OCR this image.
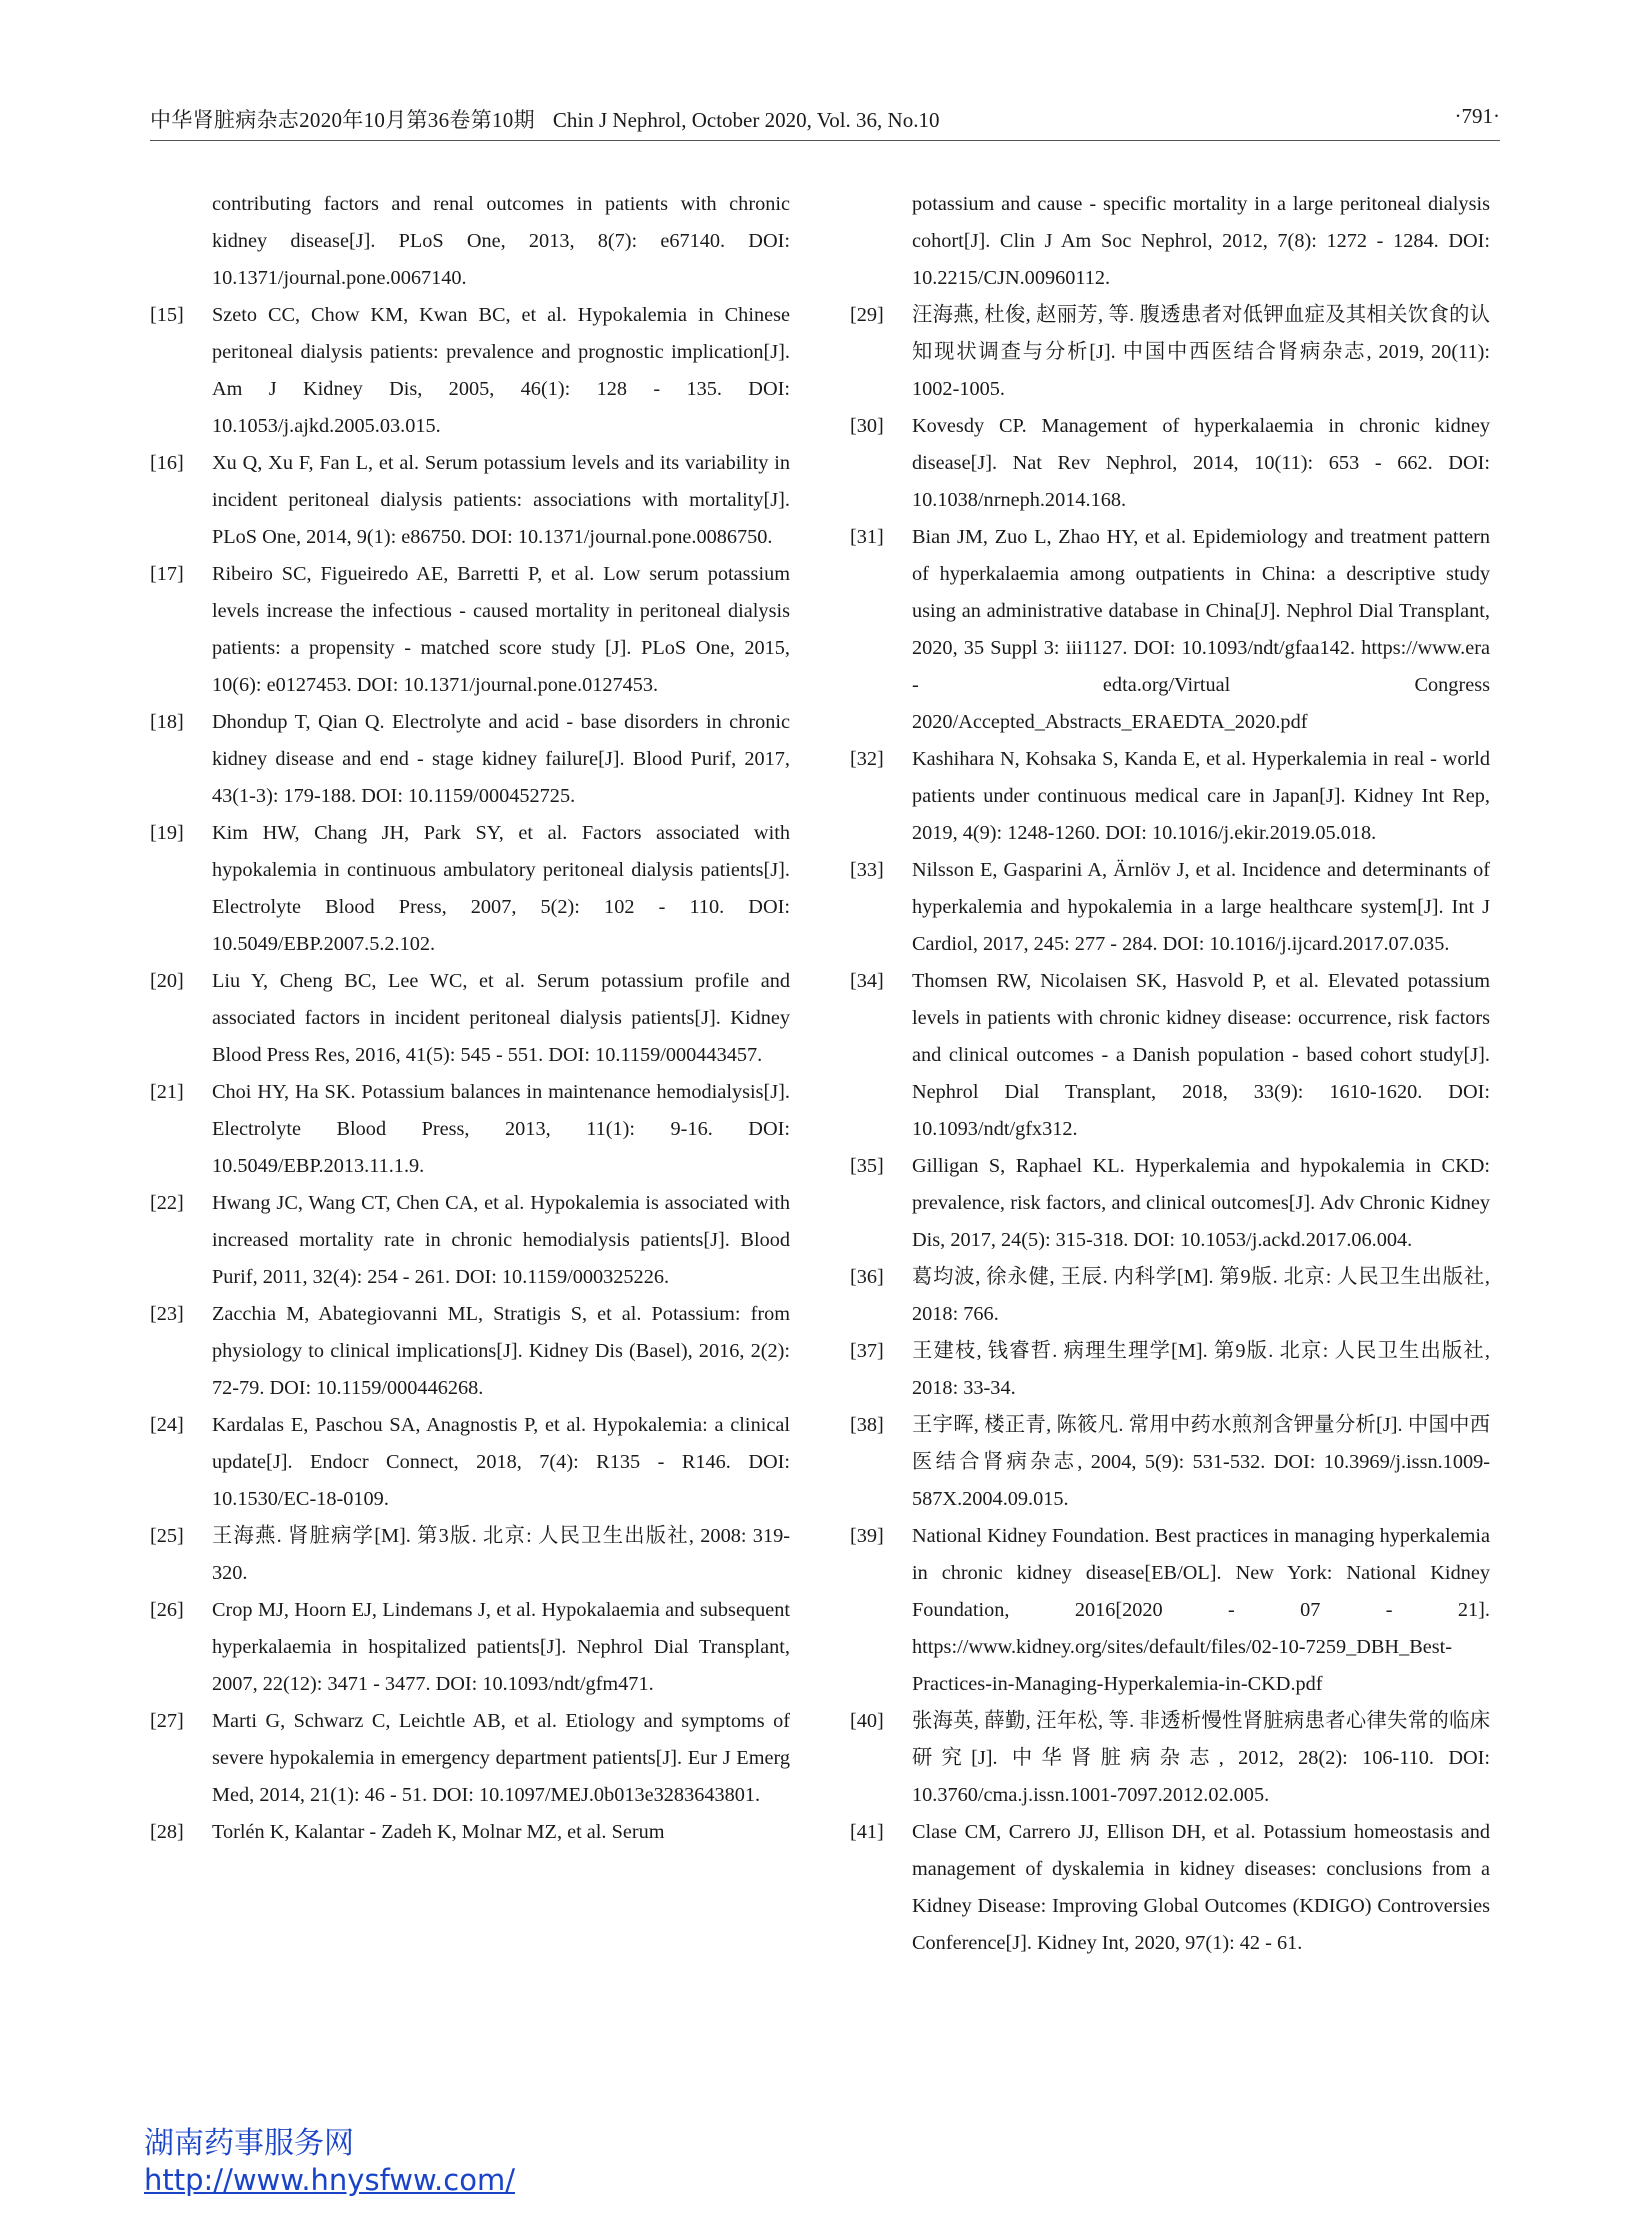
中华肾脏病杂志2020年10月第36卷第10期 Chin J Nephrol, October 2020, Vol. 36, No.10	·791·
contributing factors and renal outcomes in patients with chronic kidney disease[J]. PLoS One, 2013, 8(7): e67140. DOI: 10.1371/journal.pone.0067140.
[15] Szeto CC, Chow KM, Kwan BC, et al. Hypokalemia in Chinese peritoneal dialysis patients: prevalence and prognostic implication[J]. Am J Kidney Dis, 2005, 46(1): 128 - 135. DOI: 10.1053/j.ajkd.2005.03.015.
[16] Xu Q, Xu F, Fan L, et al. Serum potassium levels and its variability in incident peritoneal dialysis patients: associations with mortality[J]. PLoS One, 2014, 9(1): e86750. DOI: 10.1371/journal.pone.0086750.
[17] Ribeiro SC, Figueiredo AE, Barretti P, et al. Low serum potassium levels increase the infectious - caused mortality in peritoneal dialysis patients: a propensity - matched score study [J]. PLoS One, 2015, 10(6): e0127453. DOI: 10.1371/journal.pone.0127453.
[18] Dhondup T, Qian Q. Electrolyte and acid - base disorders in chronic kidney disease and end - stage kidney failure[J]. Blood Purif, 2017, 43(1-3): 179-188. DOI: 10.1159/000452725.
[19] Kim HW, Chang JH, Park SY, et al. Factors associated with hypokalemia in continuous ambulatory peritoneal dialysis patients[J]. Electrolyte Blood Press, 2007, 5(2): 102 - 110. DOI: 10.5049/EBP.2007.5.2.102.
[20] Liu Y, Cheng BC, Lee WC, et al. Serum potassium profile and associated factors in incident peritoneal dialysis patients[J]. Kidney Blood Press Res, 2016, 41(5): 545 - 551. DOI: 10.1159/000443457.
[21] Choi HY, Ha SK. Potassium balances in maintenance hemodialysis[J]. Electrolyte Blood Press, 2013, 11(1): 9-16. DOI: 10.5049/EBP.2013.11.1.9.
[22] Hwang JC, Wang CT, Chen CA, et al. Hypokalemia is associated with increased mortality rate in chronic hemodialysis patients[J]. Blood Purif, 2011, 32(4): 254 - 261. DOI: 10.1159/000325226.
[23] Zacchia M, Abategiovanni ML, Stratigis S, et al. Potassium: from physiology to clinical implications[J]. Kidney Dis (Basel), 2016, 2(2): 72-79. DOI: 10.1159/000446268.
[24] Kardalas E, Paschou SA, Anagnostis P, et al. Hypokalemia: a clinical update[J]. Endocr Connect, 2018, 7(4): R135 - R146. DOI: 10.1530/EC-18-0109.
[25] 王海燕. 肾脏病学[M]. 第3版. 北京: 人民卫生出版社, 2008: 319-320.
[26] Crop MJ, Hoorn EJ, Lindemans J, et al. Hypokalaemia and subsequent hyperkalaemia in hospitalized patients[J]. Nephrol Dial Transplant, 2007, 22(12): 3471 - 3477. DOI: 10.1093/ndt/gfm471.
[27] Marti G, Schwarz C, Leichtle AB, et al. Etiology and symptoms of severe hypokalemia in emergency department patients[J]. Eur J Emerg Med, 2014, 21(1): 46 - 51. DOI: 10.1097/MEJ.0b013e3283643801.
[28] Torlén K, Kalantar - Zadeh K, Molnar MZ, et al. Serum
potassium and cause - specific mortality in a large peritoneal dialysis cohort[J]. Clin J Am Soc Nephrol, 2012, 7(8): 1272 - 1284. DOI: 10.2215/CJN.00960112.
[29] 汪海燕, 杜俊, 赵丽芳, 等. 腹透患者对低钾血症及其相关饮食的认知现状调查与分析[J]. 中国中西医结合肾病杂志, 2019, 20(11): 1002-1005.
[30] Kovesdy CP. Management of hyperkalaemia in chronic kidney disease[J]. Nat Rev Nephrol, 2014, 10(11): 653 - 662. DOI: 10.1038/nrneph.2014.168.
[31] Bian JM, Zuo L, Zhao HY, et al. Epidemiology and treatment pattern of hyperkalaemia among outpatients in China: a descriptive study using an administrative database in China[J]. Nephrol Dial Transplant, 2020, 35 Suppl 3: iii1127. DOI: 10.1093/ndt/gfaa142. https://www.era - edta.org/Virtual Congress 2020/Accepted_Abstracts_ERAEDTA_2020.pdf
[32] Kashihara N, Kohsaka S, Kanda E, et al. Hyperkalemia in real - world patients under continuous medical care in Japan[J]. Kidney Int Rep, 2019, 4(9): 1248-1260. DOI: 10.1016/j.ekir.2019.05.018.
[33] Nilsson E, Gasparini A, Ärnlöv J, et al. Incidence and determinants of hyperkalemia and hypokalemia in a large healthcare system[J]. Int J Cardiol, 2017, 245: 277 - 284. DOI: 10.1016/j.ijcard.2017.07.035.
[34] Thomsen RW, Nicolaisen SK, Hasvold P, et al. Elevated potassium levels in patients with chronic kidney disease: occurrence, risk factors and clinical outcomes - a Danish population - based cohort study[J]. Nephrol Dial Transplant, 2018, 33(9): 1610-1620. DOI: 10.1093/ndt/gfx312.
[35] Gilligan S, Raphael KL. Hyperkalemia and hypokalemia in CKD: prevalence, risk factors, and clinical outcomes[J]. Adv Chronic Kidney Dis, 2017, 24(5): 315-318. DOI: 10.1053/j.ackd.2017.06.004.
[36] 葛均波, 徐永健, 王辰. 内科学[M]. 第9版. 北京: 人民卫生出版社, 2018: 766.
[37] 王建枝, 钱睿哲. 病理生理学[M]. 第9版. 北京: 人民卫生出版社, 2018: 33-34.
[38] 王宇晖, 楼正青, 陈筱凡. 常用中药水煎剂含钾量分析[J]. 中国中西医结合肾病杂志, 2004, 5(9): 531-532. DOI: 10.3969/j.issn.1009-587X.2004.09.015.
[39] National Kidney Foundation. Best practices in managing hyperkalemia in chronic kidney disease[EB/OL]. New York: National Kidney Foundation, 2016[2020 - 07 - 21]. https://www.kidney.org/sites/default/files/02-10-7259_DBH_Best-Practices-in-Managing-Hyperkalemia-in-CKD.pdf
[40] 张海英, 薛勤, 汪年松, 等. 非透析慢性肾脏病患者心律失常的临床研究[J]. 中华肾脏病杂志, 2012, 28(2): 106-110. DOI: 10.3760/cma.j.issn.1001-7097.2012.02.005.
[41] Clase CM, Carrero JJ, Ellison DH, et al. Potassium homeostasis and management of dyskalemia in kidney diseases: conclusions from a Kidney Disease: Improving Global Outcomes (KDIGO) Controversies Conference[J]. Kidney Int, 2020, 97(1): 42 - 61.
湖南药事服务网
http://www.hnysfww.com/
